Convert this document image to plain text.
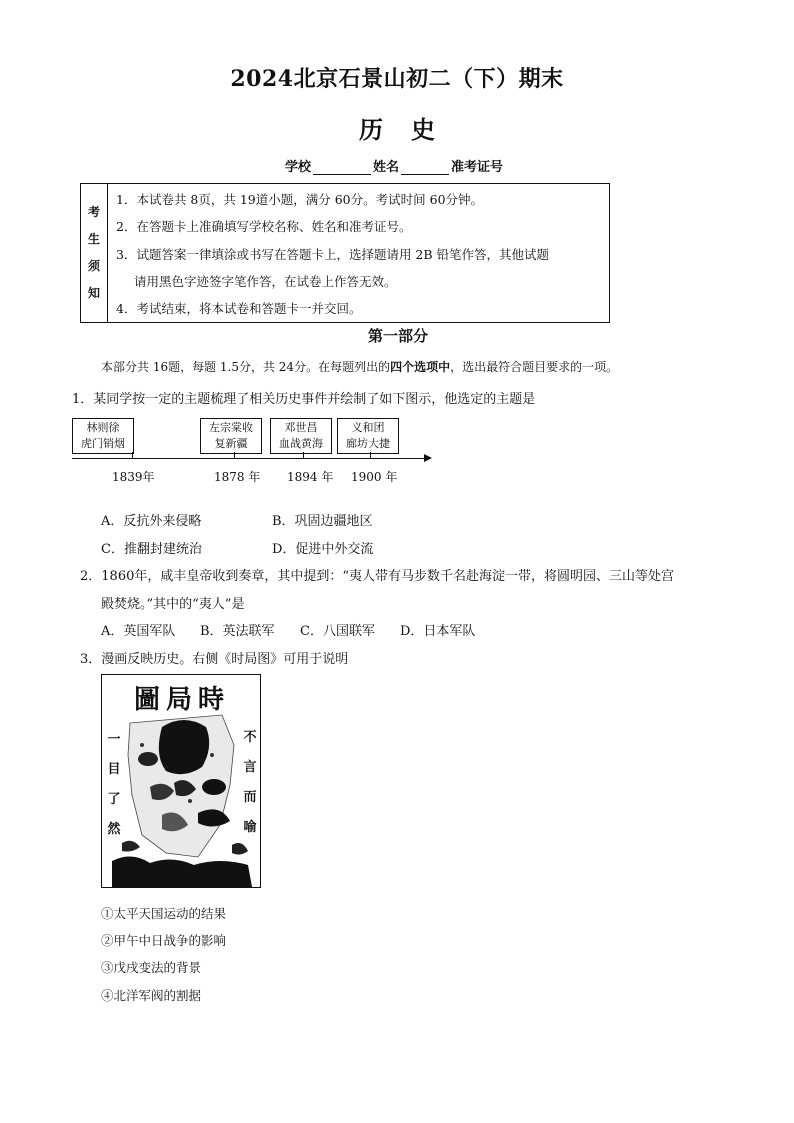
2024北京石景山初二（下）期末
历史
学校	姓名	准考证号
考
生
须
知
1．本试卷共 8页，共 19道小题，满分 60分。考试时间 60分钟。
2．在答题卡上准确填写学校名称、姓名和准考证号。
3．试题答案一律填涂或书写在答题卡上，选择题请用 2B 铅笔作答，其他试题
请用黑色字迹签字笔作答，在试卷上作答无效。
4．考试结束，将本试卷和答题卡一并交回。
第一部分
本部分共 16题，每题 1.5分，共 24分。在每题列出的四个选项中，选出最符合题目要求的一项。
1．某同学按一定的主题梳理了相关历史事件并绘制了如下图示，他选定的主题是
林则徐
虎门销烟
左宗棠收
复新疆
邓世昌
血战黄海
义和团
廊坊大捷
1839年	1878 年 1894 年 1900 年
A．反抗外来侵略	B．巩固边疆地区
C．推翻封建统治	D．促进中外交流
2．1860年，咸丰皇帝收到奏章，其中提到：“夷人带有马步数千名赴海淀一带，将圆明园、三山等处宫
殿焚烧。”其中的“夷人”是
A．英国军队 B．英法联军 C．八国联军 D．日本军队
3．漫画反映历史。右侧《时局图》可用于说明
圖局時
一
目
了
然
不
言
而
喻
①太平天国运动的结果
②甲午中日战争的影响
③戊戌变法的背景
④北洋军阀的割据
